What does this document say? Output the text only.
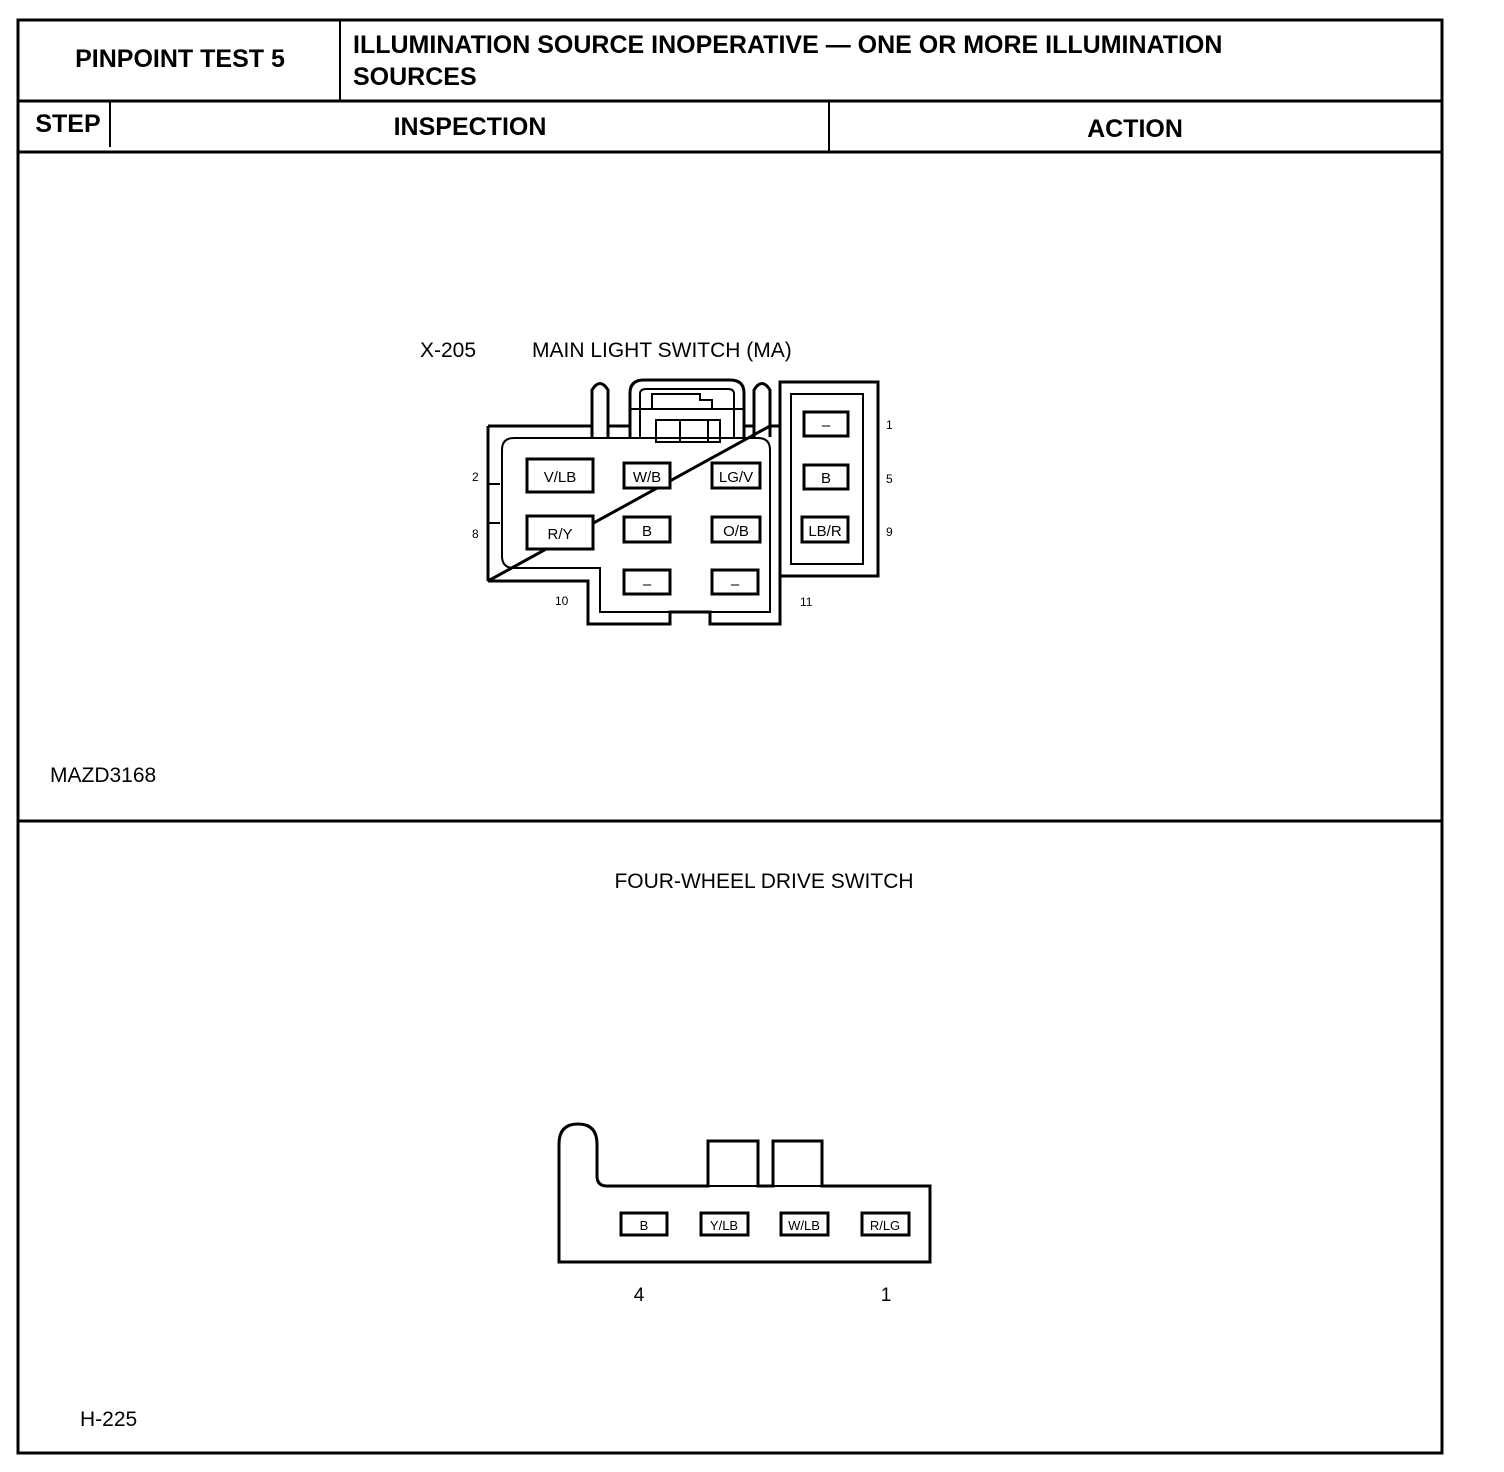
PINPOINT TEST 5	ILLUMINATION SOURCE INOPERATIVE — ONE OR MORE ILLUMINATION
SOURCES
STEP	INSPECTION	ACTION
X-205	MAIN LIGHT SWITCH (MA)
V/LB	W/B	LG/V
R/Y	B	O/B
–	–
–
B
LB/R
1
2	5
8	9
10	11
MAZD3168
FOUR-WHEEL DRIVE SWITCH
B	Y/LB	W/LB	R/LG
4	1
H-225
